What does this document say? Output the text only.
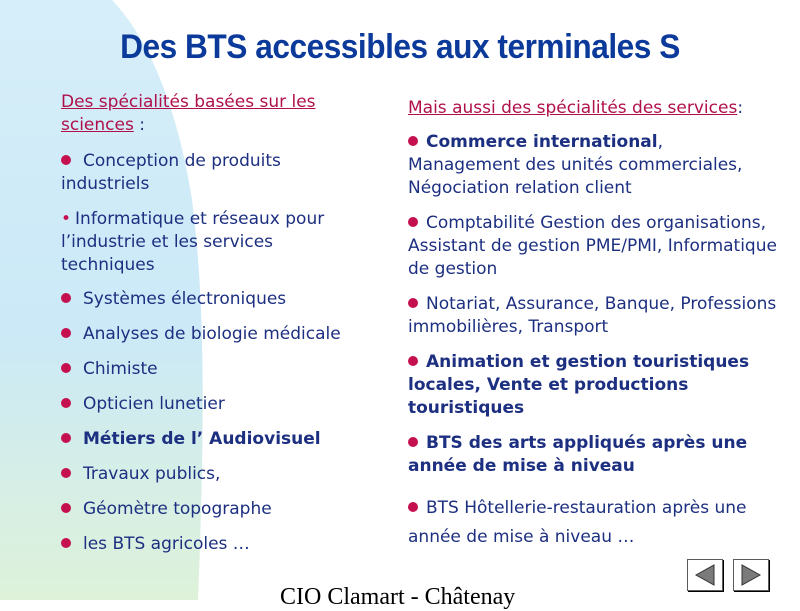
Des BTS accessibles aux terminales S

Des spécialités basées sur les sciences :

Conception de produits industriels

• Informatique et réseaux pour l’industrie et les services techniques

Systèmes électroniques

Analyses de biologie médicale

Chimiste

Opticien lunetier

Métiers de l’ Audiovisuel

Travaux publics,

Géomètre topographe

les BTS agricoles …

Mais aussi des spécialités des services:

Commerce international, Management des unités commerciales, Négociation relation client

Comptabilité Gestion des organisations, Assistant de gestion PME/PMI, Informatique de gestion

Notariat, Assurance, Banque, Professions immobilières, Transport

Animation et gestion touristiques locales, Vente et productions touristiques

BTS des arts appliqués après une année de mise à niveau

BTS Hôtellerie-restauration après une année de mise à niveau …

CIO Clamart - Châtenay
